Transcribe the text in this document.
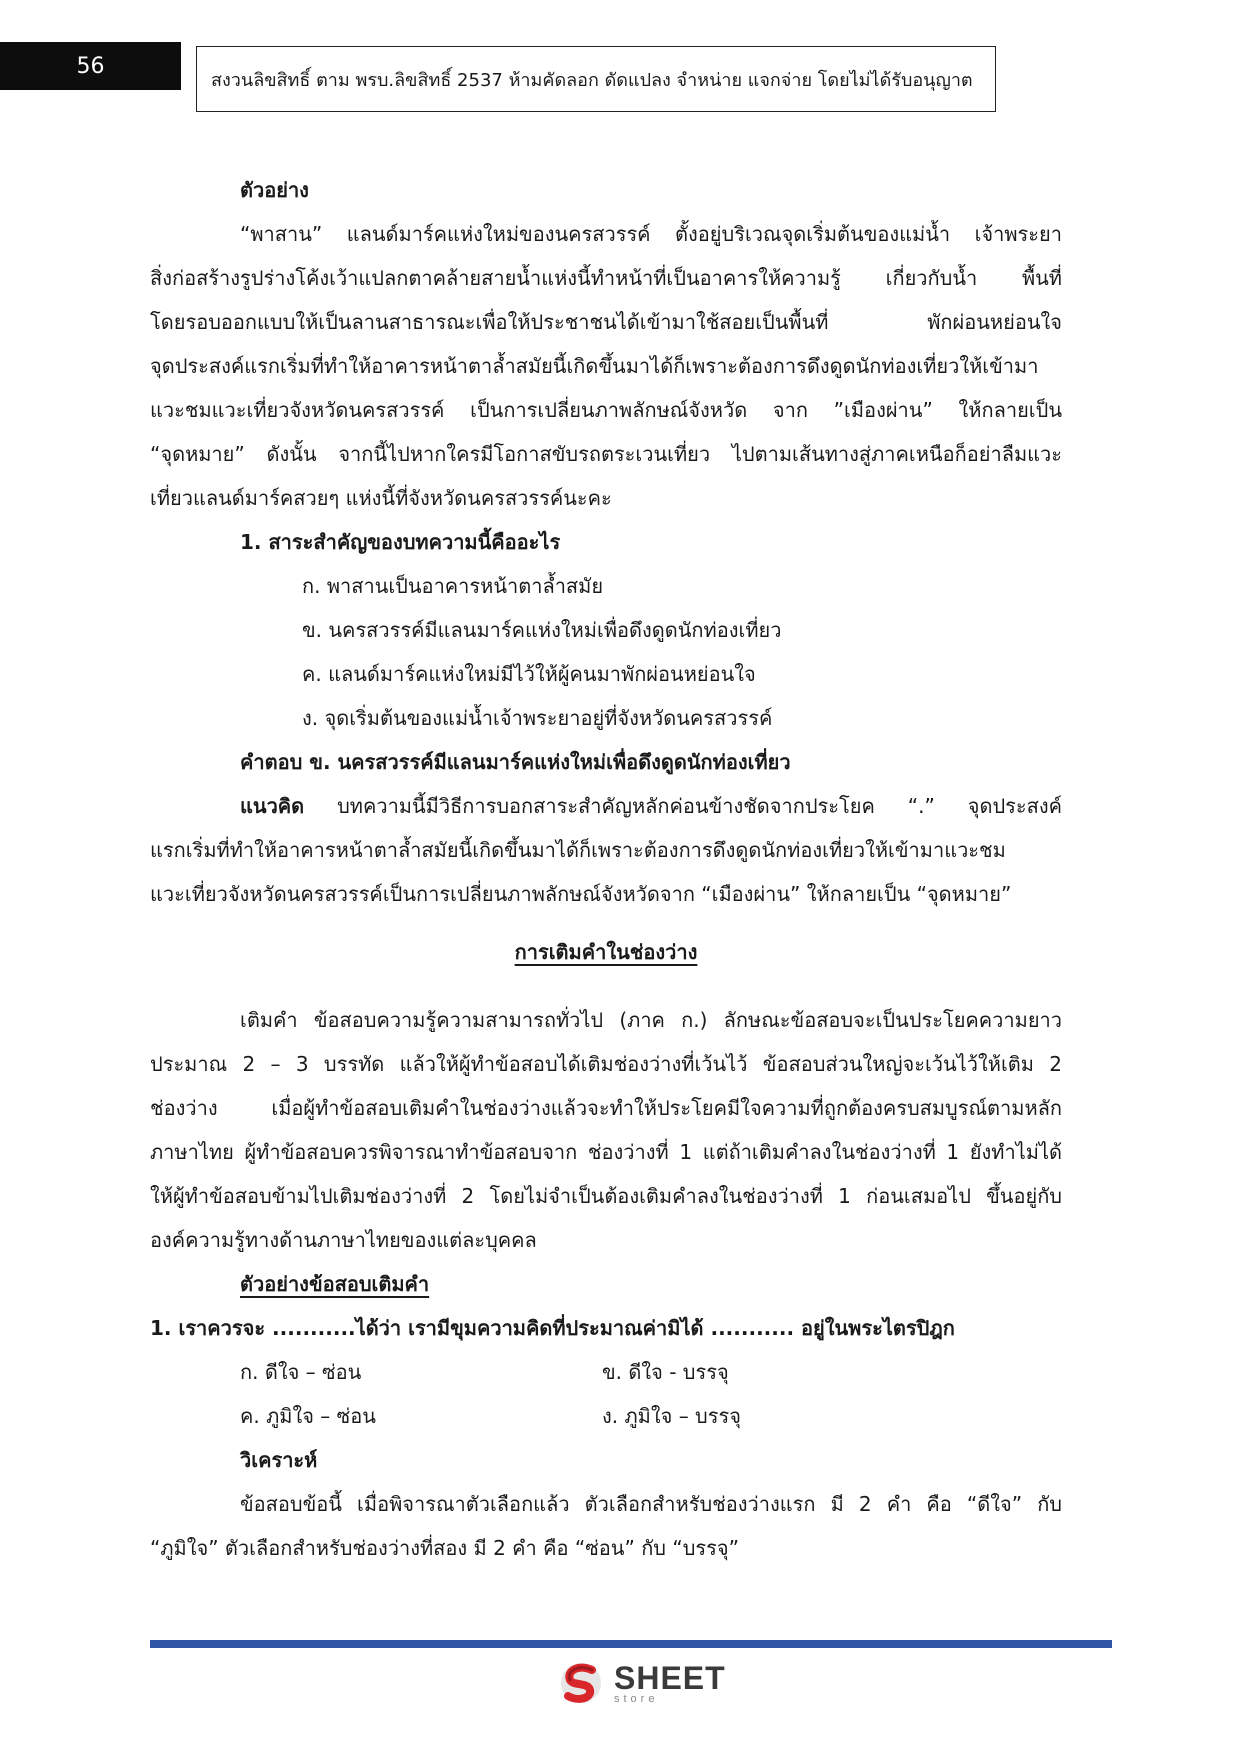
56
สงวนลิขสิทธิ์ ตาม พรบ.ลิขสิทธิ์ 2537 ห้ามคัดลอก ดัดแปลง จำหน่าย แจกจ่าย โดยไม่ได้รับอนุญาต
ตัวอย่าง
“พาสาน” แลนด์มาร์คแห่งใหม่ของนครสวรรค์ ตั้งอยู่บริเวณจุดเริ่มต้นของแม่น้ำ เจ้าพระยา
สิ่งก่อสร้างรูปร่างโค้งเว้าแปลกตาคล้ายสายน้ำแห่งนี้ทำหน้าที่เป็นอาคารให้ความรู้ เกี่ยวกับน้ำ พื้นที่
โดยรอบออกแบบให้เป็นลานสาธารณะเพื่อให้ประชาชนได้เข้ามาใช้สอยเป็นพื้นที่ พักผ่อนหย่อนใจ
จุดประสงค์แรกเริ่มที่ทำให้อาคารหน้าตาล้ำสมัยนี้เกิดขึ้นมาได้ก็เพราะต้องการดึงดูดนักท่องเที่ยวให้เข้ามา
แวะชมแวะเที่ยวจังหวัดนครสวรรค์ เป็นการเปลี่ยนภาพลักษณ์จังหวัด จาก ”เมืองผ่าน” ให้กลายเป็น
“จุดหมาย” ดังนั้น จากนี้ไปหากใครมีโอกาสขับรถตระเวนเที่ยว ไปตามเส้นทางสู่ภาคเหนือก็อย่าลืมแวะ
เที่ยวแลนด์มาร์คสวยๆ แห่งนี้ที่จังหวัดนครสวรรค์นะคะ
1. สาระสำคัญของบทความนี้คืออะไร
ก. พาสานเป็นอาคารหน้าตาล้ำสมัย
ข. นครสวรรค์มีแลนมาร์คแห่งใหม่เพื่อดึงดูดนักท่องเที่ยว
ค. แลนด์มาร์คแห่งใหม่มีไว้ให้ผู้คนมาพักผ่อนหย่อนใจ
ง. จุดเริ่มต้นของแม่น้ำเจ้าพระยาอยู่ที่จังหวัดนครสวรรค์
คำตอบ ข. นครสวรรค์มีแลนมาร์คแห่งใหม่เพื่อดึงดูดนักท่องเที่ยว
แนวคิด บทความนี้มีวิธีการบอกสาระสำคัญหลักค่อนข้างชัดจากประโยค “.” จุดประสงค์
แรกเริ่มที่ทำให้อาคารหน้าตาล้ำสมัยนี้เกิดขึ้นมาได้ก็เพราะต้องการดึงดูดนักท่องเที่ยวให้เข้ามาแวะชม
แวะเที่ยวจังหวัดนครสวรรค์เป็นการเปลี่ยนภาพลักษณ์จังหวัดจาก “เมืองผ่าน” ให้กลายเป็น “จุดหมาย”
การเติมคำในช่องว่าง
เติมคำ ข้อสอบความรู้ความสามารถทั่วไป (ภาค ก.) ลักษณะข้อสอบจะเป็นประโยคความยาว
ประมาณ 2 – 3 บรรทัด แล้วให้ผู้ทำข้อสอบได้เติมช่องว่างที่เว้นไว้ ข้อสอบส่วนใหญ่จะเว้นไว้ให้เติม 2
ช่องว่าง เมื่อผู้ทำข้อสอบเติมคำในช่องว่างแล้วจะทำให้ประโยคมีใจความที่ถูกต้องครบสมบูรณ์ตามหลัก
ภาษาไทย ผู้ทำข้อสอบควรพิจารณาทำข้อสอบจาก ช่องว่างที่ 1 แต่ถ้าเติมคำลงในช่องว่างที่ 1 ยังทำไม่ได้
ให้ผู้ทำข้อสอบข้ามไปเติมช่องว่างที่ 2 โดยไม่จำเป็นต้องเติมคำลงในช่องว่างที่ 1 ก่อนเสมอไป ขึ้นอยู่กับ
องค์ความรู้ทางด้านภาษาไทยของแต่ละบุคคล
ตัวอย่างข้อสอบเติมคำ
1. เราควรจะ ...........ได้ว่า เรามีขุมความคิดที่ประมาณค่ามิได้ ........... อยู่ในพระไตรปิฎก
ก. ดีใจ – ซ่อน	ข. ดีใจ - บรรจุ
ค. ภูมิใจ – ซ่อน	ง. ภูมิใจ – บรรจุ
วิเคราะห์
ข้อสอบข้อนี้ เมื่อพิจารณาตัวเลือกแล้ว ตัวเลือกสำหรับช่องว่างแรก มี 2 คำ คือ “ดีใจ” กับ
“ภูมิใจ” ตัวเลือกสำหรับช่องว่างที่สอง มี 2 คำ คือ “ซ่อน” กับ “บรรจุ”
SHEET
store
